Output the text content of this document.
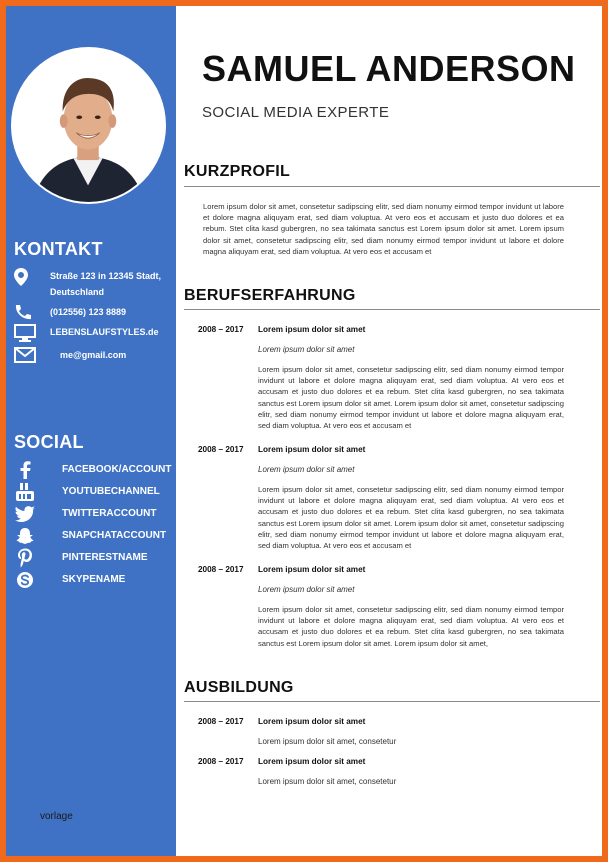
KONTAKT
Straße 123 in 12345 Stadt, Deutschland
(012556) 123 8889
LEBENSLAUFSTYLES.de
me@gmail.com
SOCIAL
FACEBOOK/ACCOUNT
YOUTUBECHANNEL
TWITTERACCOUNT
SNAPCHATACCOUNT
PINTERESTNAME
SKYPENAME
vorlage
SAMUEL ANDERSON
SOCIAL MEDIA EXPERTE
KURZPROFIL
Lorem ipsum dolor sit amet, consetetur sadipscing elitr, sed diam nonumy eirmod tempor invidunt ut labore et dolore magna aliquyam erat, sed diam voluptua. At vero eos et accusam et justo duo dolores et ea rebum. Stet clita kasd gubergren, no sea takimata sanctus est Lorem ipsum dolor sit amet. Lorem ipsum dolor sit amet, consetetur sadipscing elitr, sed diam nonumy eirmod tempor invidunt ut labore et dolore magna aliquyam erat, sed diam voluptua. At vero eos et accusam et
BERUFSERFAHRUNG
2008 – 2017 Lorem ipsum dolor sit amet
Lorem ipsum dolor sit amet
Lorem ipsum dolor sit amet, consetetur sadipscing elitr, sed diam nonumy eirmod tempor invidunt ut labore et dolore magna aliquyam erat, sed diam voluptua. At vero eos et accusam et justo duo dolores et ea rebum. Stet clita kasd gubergren, no sea takimata sanctus est Lorem ipsum dolor sit amet. Lorem ipsum dolor sit amet, consetetur sadipscing elitr, sed diam nonumy eirmod tempor invidunt ut labore et dolore magna aliquyam erat, sed diam voluptua. At vero eos et accusam et
2008 – 2017 Lorem ipsum dolor sit amet
Lorem ipsum dolor sit amet
Lorem ipsum dolor sit amet, consetetur sadipscing elitr, sed diam nonumy eirmod tempor invidunt ut labore et dolore magna aliquyam erat, sed diam voluptua. At vero eos et accusam et justo duo dolores et ea rebum. Stet clita kasd gubergren, no sea takimata sanctus est Lorem ipsum dolor sit amet. Lorem ipsum dolor sit amet, consetetur sadipscing elitr, sed diam nonumy eirmod tempor invidunt ut labore et dolore magna aliquyam erat, sed diam voluptua. At vero eos et accusam et
2008 – 2017 Lorem ipsum dolor sit amet
Lorem ipsum dolor sit amet
Lorem ipsum dolor sit amet, consetetur sadipscing elitr, sed diam nonumy eirmod tempor invidunt ut labore et dolore magna aliquyam erat, sed diam voluptua. At vero eos et accusam et justo duo dolores et ea rebum. Stet clita kasd gubergren, no sea takimata sanctus est Lorem ipsum dolor sit amet. Lorem ipsum dolor sit amet,
AUSBILDUNG
2008 – 2017 Lorem ipsum dolor sit amet
Lorem ipsum dolor sit amet, consetetur
2008 – 2017 Lorem ipsum dolor sit amet
Lorem ipsum dolor sit amet, consetetur
